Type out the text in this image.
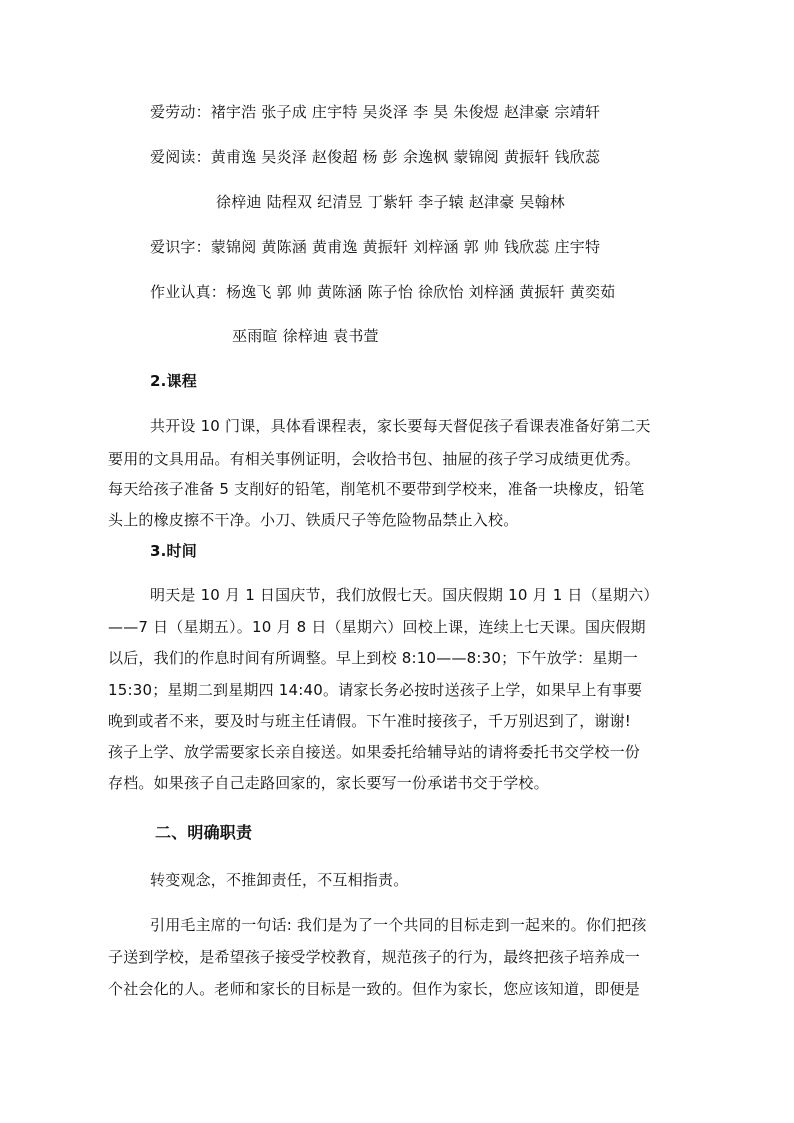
爱劳动：褚宇浩 张子成 庄宇特 吴炎泽 李 昊 朱俊煜 赵津豪 宗靖轩
爱阅读：黄甫逸 吴炎泽 赵俊超 杨 彭 余逸枫 蒙锦阅 黄振轩 钱欣蕊
徐梓迪 陆程双 纪清昱 丁紫轩 李子辕 赵津豪 吴翰林
爱识字：蒙锦阅 黄陈涵 黄甫逸 黄振轩 刘梓涵 郭 帅 钱欣蕊 庄宇特
作业认真：杨逸飞 郭 帅 黄陈涵 陈子怡 徐欣怡 刘梓涵 黄振轩 黄奕茹
巫雨暄 徐梓迪 袁书萱
2.课程
共开设 10 门课，具体看课程表，家长要每天督促孩子看课表准备好第二天
要用的文具用品。有相关事例证明，会收拾书包、抽屉的孩子学习成绩更优秀。
每天给孩子准备 5 支削好的铅笔，削笔机不要带到学校来，准备一块橡皮，铅笔
头上的橡皮擦不干净。小刀、铁质尺子等危险物品禁止入校。
3.时间
明天是 10 月 1 日国庆节，我们放假七天。国庆假期 10 月 1 日（星期六）
——7 日（星期五）。10 月 8 日（星期六）回校上课，连续上七天课。国庆假期
以后，我们的作息时间有所调整。早上到校 8:10——8:30；下午放学：星期一
15:30；星期二到星期四 14:40。请家长务必按时送孩子上学，如果早上有事要
晚到或者不来，要及时与班主任请假。下午准时接孩子，千万别迟到了，谢谢!
孩子上学、放学需要家长亲自接送。如果委托给辅导站的请将委托书交学校一份
存档。如果孩子自己走路回家的，家长要写一份承诺书交于学校。
二、明确职责
转变观念，不推卸责任，不互相指责。
引用毛主席的一句话: 我们是为了一个共同的目标走到一起来的。你们把孩
子送到学校，是希望孩子接受学校教育，规范孩子的行为，最终把孩子培养成一
个社会化的人。老师和家长的目标是一致的。但作为家长，您应该知道，即便是
